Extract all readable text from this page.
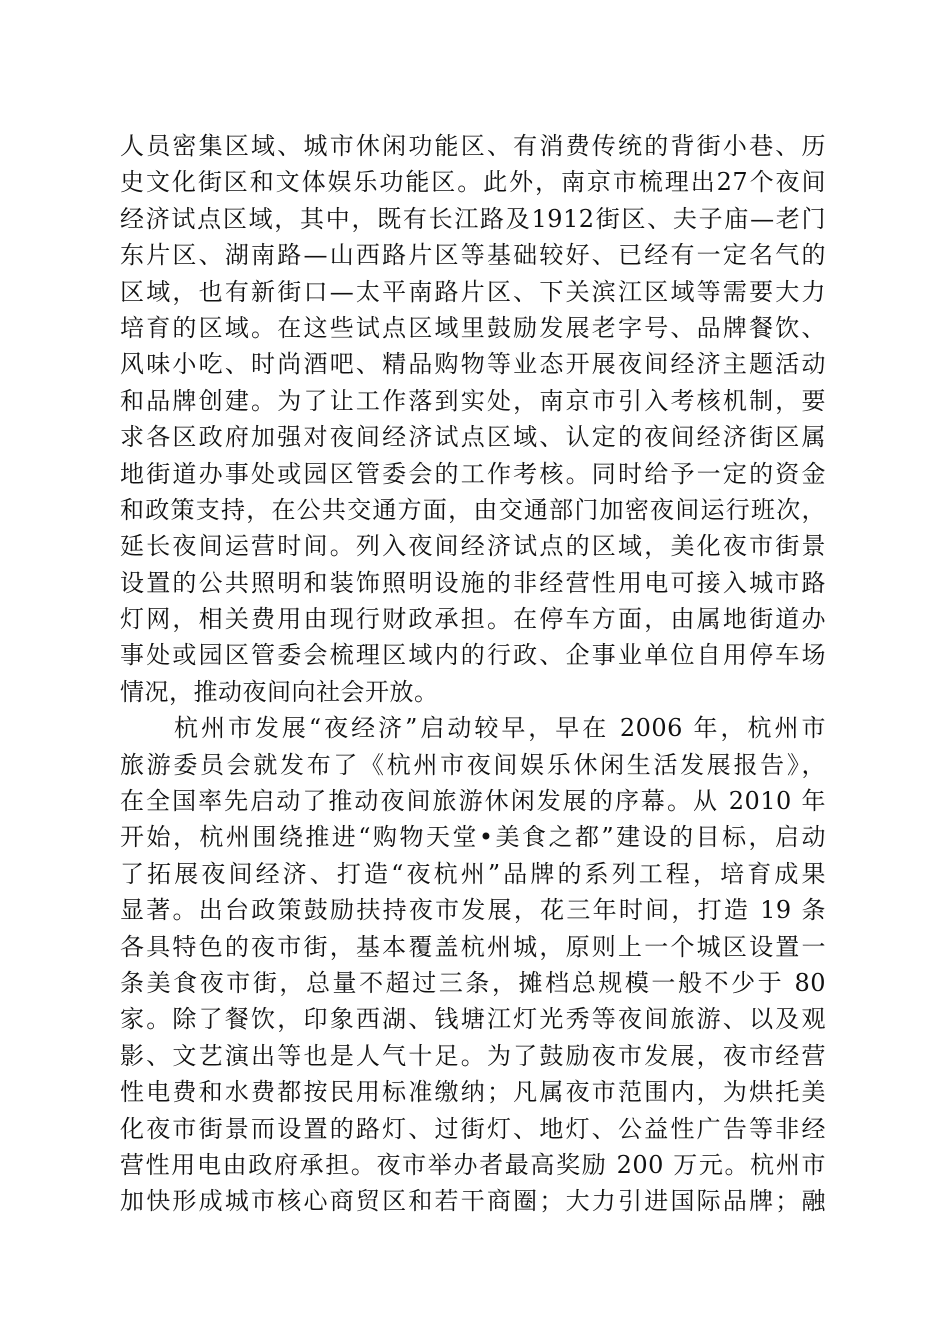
人员密集区域、城市休闲功能区、有消费传统的背街小巷、历
史文化街区和文体娱乐功能区。此外，南京市梳理出27个夜间
经济试点区域，其中，既有长江路及1912街区、夫子庙—老门
东片区、湖南路—山西路片区等基础较好、已经有一定名气的
区域，也有新街口—太平南路片区、下关滨江区域等需要大力
培育的区域。在这些试点区域里鼓励发展老字号、品牌餐饮、
风味小吃、时尚酒吧、精品购物等业态开展夜间经济主题活动
和品牌创建。为了让工作落到实处，南京市引入考核机制，要
求各区政府加强对夜间经济试点区域、认定的夜间经济街区属
地街道办事处或园区管委会的工作考核。同时给予一定的资金
和政策支持，在公共交通方面，由交通部门加密夜间运行班次，
延长夜间运营时间。列入夜间经济试点的区域，美化夜市街景
设置的公共照明和装饰照明设施的非经营性用电可接入城市路
灯网，相关费用由现行财政承担。在停车方面，由属地街道办
事处或园区管委会梳理区域内的行政、企事业单位自用停车场
情况，推动夜间向社会开放。
　　杭州市发展“夜经济”启动较早，早在 2006 年，杭州市
旅游委员会就发布了《杭州市夜间娱乐休闲生活发展报告》，
在全国率先启动了推动夜间旅游休闲发展的序幕。从 2010 年
开始，杭州围绕推进“购物天堂•美食之都”建设的目标，启动
了拓展夜间经济、打造“夜杭州”品牌的系列工程，培育成果
显著。出台政策鼓励扶持夜市发展，花三年时间，打造 19 条
各具特色的夜市街，基本覆盖杭州城，原则上一个城区设置一
条美食夜市街，总量不超过三条，摊档总规模一般不少于 80
家。除了餐饮，印象西湖、钱塘江灯光秀等夜间旅游、以及观
影、文艺演出等也是人气十足。为了鼓励夜市发展，夜市经营
性电费和水费都按民用标准缴纳；凡属夜市范围内，为烘托美
化夜市街景而设置的路灯、过街灯、地灯、公益性广告等非经
营性用电由政府承担。夜市举办者最高奖励 200 万元。杭州市
加快形成城市核心商贸区和若干商圈；大力引进国际品牌；融
